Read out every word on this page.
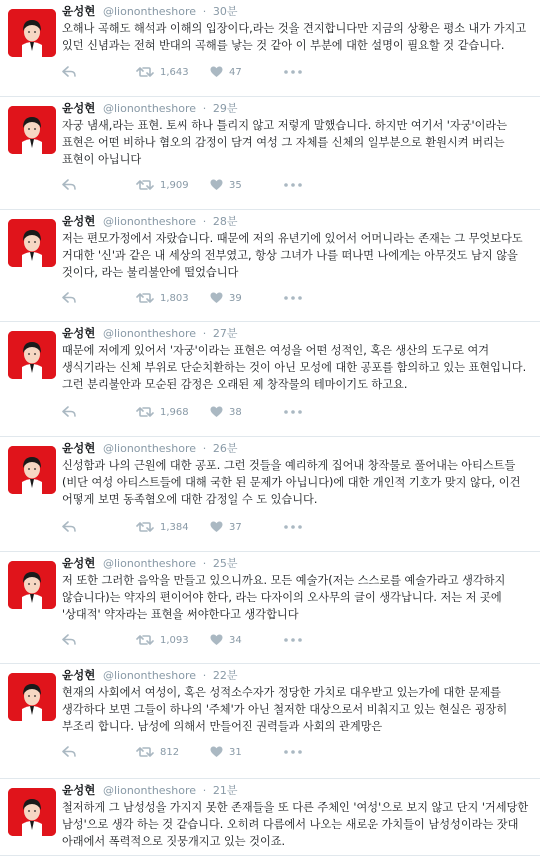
윤성현 @lionontheshore · 30분
오해나 곡해도 해석과 이해의 입장이다,라는 것을 견지합니다만 지금의 상황은 평소 내가 가지고 있던 신념과는 전혀 반대의 곡해를 낳는 것 같아 이 부분에 대한 설명이 필요할 것 같습니다.
1,643	47
윤성현 @lionontheshore · 29분
자궁 냄새,라는 표현. 토씨 하나 틀리지 않고 저렇게 말했습니다. 하지만 여기서 '자궁'이라는 표현은 어떤 비하나 혐오의 감정이 담겨 여성 그 자체를 신체의 일부분으로 환원시켜 버리는 표현이 아닙니다
1,909	35
윤성현 @lionontheshore · 28분
저는 편모가정에서 자랐습니다. 때문에 저의 유년기에 있어서 어머니라는 존재는 그 무엇보다도 거대한 '신'과 같은 내 세상의 전부였고, 항상 그녀가 나를 떠나면 나에게는 아무것도 남지 않을 것이다, 라는 불리불안에 떨었습니다
1,803	39
윤성현 @lionontheshore · 27분
때문에 저에게 있어서 '자궁'이라는 표현은 여성을 어떤 성적인, 혹은 생산의 도구로 여겨 생식기라는 신체 부위로 단순치환하는 것이 아닌 모성에 대한 공포를 함의하고 있는 표현입니다. 그런 분리불안과 모순된 감정은 오래된 제 창작물의 테마이기도 하고요.
1,968	38
윤성현 @lionontheshore · 26분
신성함과 나의 근원에 대한 공포. 그런 것들을 예리하게 집어내 창작물로 풀어내는 아티스트들(비단 여성 아티스트들에 대해 국한 된 문제가 아닙니다)에 대한 개인적 기호가 맞지 않다, 이건 어떻게 보면 동족혐오에 대한 감정일 수 도 있습니다.
1,384	37
윤성현 @lionontheshore · 25분
저 또한 그러한 음악을 만들고 있으니까요. 모든 예술가(저는 스스로를 예술가라고 생각하지 않습니다)는 약자의 편이어야 한다, 라는 다자이의 오사무의 글이 생각납니다. 저는 저 곳에 '상대적' 약자라는 표현을 써야한다고 생각합니다
1,093	34
윤성현 @lionontheshore · 22분
현재의 사회에서 여성이, 혹은 성적소수자가 정당한 가치로 대우받고 있는가에 대한 문제를 생각하다 보면 그들이 하나의 '주체'가 아닌 철저한 대상으로서 비춰지고 있는 현실은 굉장히 부조리 합니다. 남성에 의해서 만들어진 권력들과 사회의 관계망은
812	31
윤성현 @lionontheshore · 21분
철저하게 그 남성성을 가지지 못한 존재들을 또 다른 주체인 '여성'으로 보지 않고 단지 '거세당한 남성'으로 생각 하는 것 같습니다. 오히려 다름에서 나오는 새로운 가치들이 남성성이라는 잣대 아래에서 폭력적으로 짓뭉개지고 있는 것이죠.
